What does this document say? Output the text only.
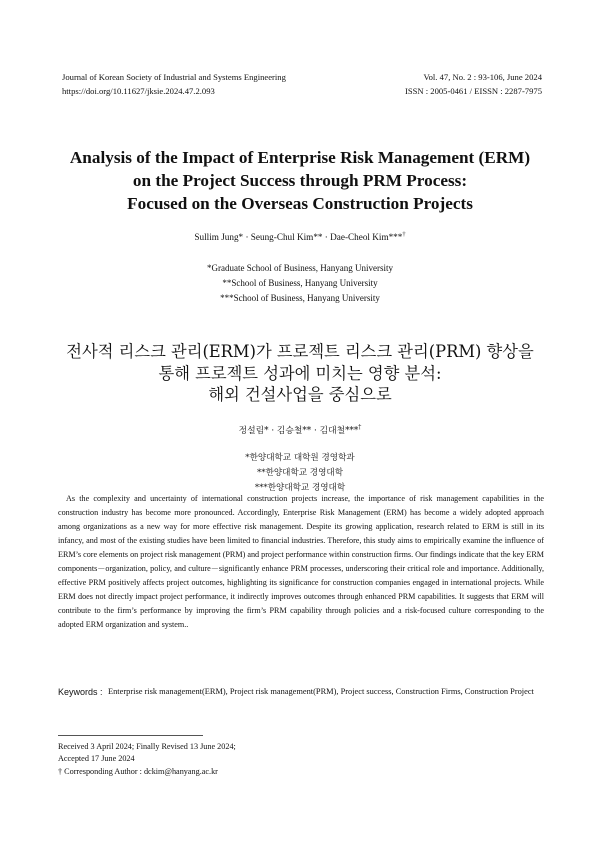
Journal of Korean Society of Industrial and Systems Engineering
https://doi.org/10.11627/jksie.2024.47.2.093
Vol. 47, No. 2 : 93-106, June 2024
ISSN : 2005-0461 / EISSN : 2287-7975
Analysis of the Impact of Enterprise Risk Management (ERM)
on the Project Success through PRM Process:
Focused on the Overseas Construction Projects
Sullim Jung* · Seung-Chul Kim** · Dae-Cheol Kim***†
*Graduate School of Business, Hanyang University
**School of Business, Hanyang University
***School of Business, Hanyang University
전사적 리스크 관리(ERM)가 프로젝트 리스크 관리(PRM) 향상을
통해 프로젝트 성과에 미치는 영향 분석:
해외 건설사업을 중심으로
정설림* · 김승철** · 김대철***†
*한양대학교 대학원 경영학과
**한양대학교 경영대학
***한양대학교 경영대학
As the complexity and uncertainty of international construction projects increase, the importance of risk management capabilities in the construction industry has become more pronounced. Accordingly, Enterprise Risk Management (ERM) has become a widely adopted approach among organizations as a new way for more effective risk management. Despite its growing application, research related to ERM is still in its infancy, and most of the existing studies have been limited to financial industries. Therefore, this study aims to empirically examine the influence of ERM’s core elements on project risk management (PRM) and project performance within construction firms. Our findings indicate that the key ERM components－organization, policy, and culture－significantly enhance PRM processes, underscoring their critical role and importance. Additionally, effective PRM positively affects project outcomes, highlighting its significance for construction companies engaged in international projects. While ERM does not directly impact project performance, it indirectly improves outcomes through enhanced PRM capabilities. It suggests that ERM will contribute to the firm’s performance by improving the firm’s PRM capability through policies and a risk-focused culture corresponding to the adopted ERM organization and system..
Keywords : Enterprise risk management(ERM), Project risk management(PRM), Project success, Construction Firms, Construction Project
Received 3 April 2024; Finally Revised 13 June 2024;
Accepted 17 June 2024
† Corresponding Author : dckim@hanyang.ac.kr
